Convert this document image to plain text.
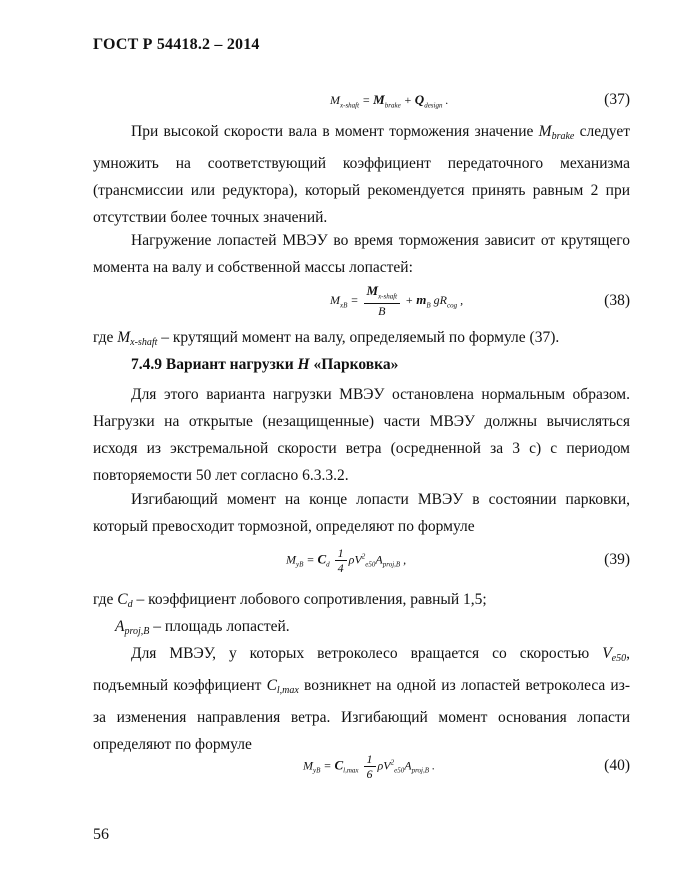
ГОСТ Р 54418.2 – 2014
$M_{x-shaft} = M_{brake} + Q_{design}$ .	(37)
При высокой скорости вала в момент торможения значение $M_{brake}$ следует умножить на соответствующий коэффициент передаточного механизма (трансмиссии или редуктора), который рекомендуется принять равным 2 при отсутствии более точных значений.
Нагружение лопастей МВЭУ во время торможения зависит от крутящего момента на валу и собственной массы лопастей:
$M_{xB} = \frac{M_{x-shaft}}{B} + m_B$ $gR_{cog}$ ,	(38)
где $M_{x-shaft}$ – крутящий момент на валу, определяемый по формуле (37).
7.4.9 Вариант нагрузки H «Парковка»
Для этого варианта нагрузки МВЭУ остановлена нормальным образом. Нагрузки на открытые (незащищенные) части МВЭУ должны вычисляться исходя из экстремальной скорости ветра (осредненной за 3 с) с периодом повторяемости 50 лет согласно 6.3.3.2.
Изгибающий момент на конце лопасти МВЭУ в состоянии парковки, который превосходит тормозной, определяют по формуле
$M_{yB} = C_d \frac{1}{4} \rho V^2_{e50}A_{proj,B}$ ,	(39)
где $C_d$ – коэффициент лобового сопротивления, равный 1,5;
$A_{proj,B}$ – площадь лопастей.
Для МВЭУ, у которых ветроколесо вращается со скоростью $V_{e50}$, подъемный коэффициент $C_{l,max}$ возникнет на одной из лопастей ветроколеса из-за изменения направления ветра. Изгибающий момент основания лопасти определяют по формуле
$M_{yB} = C_{l,max} \frac{1}{6} \rho V^2_{e50}A_{proj,B}$ .	(40)
56
